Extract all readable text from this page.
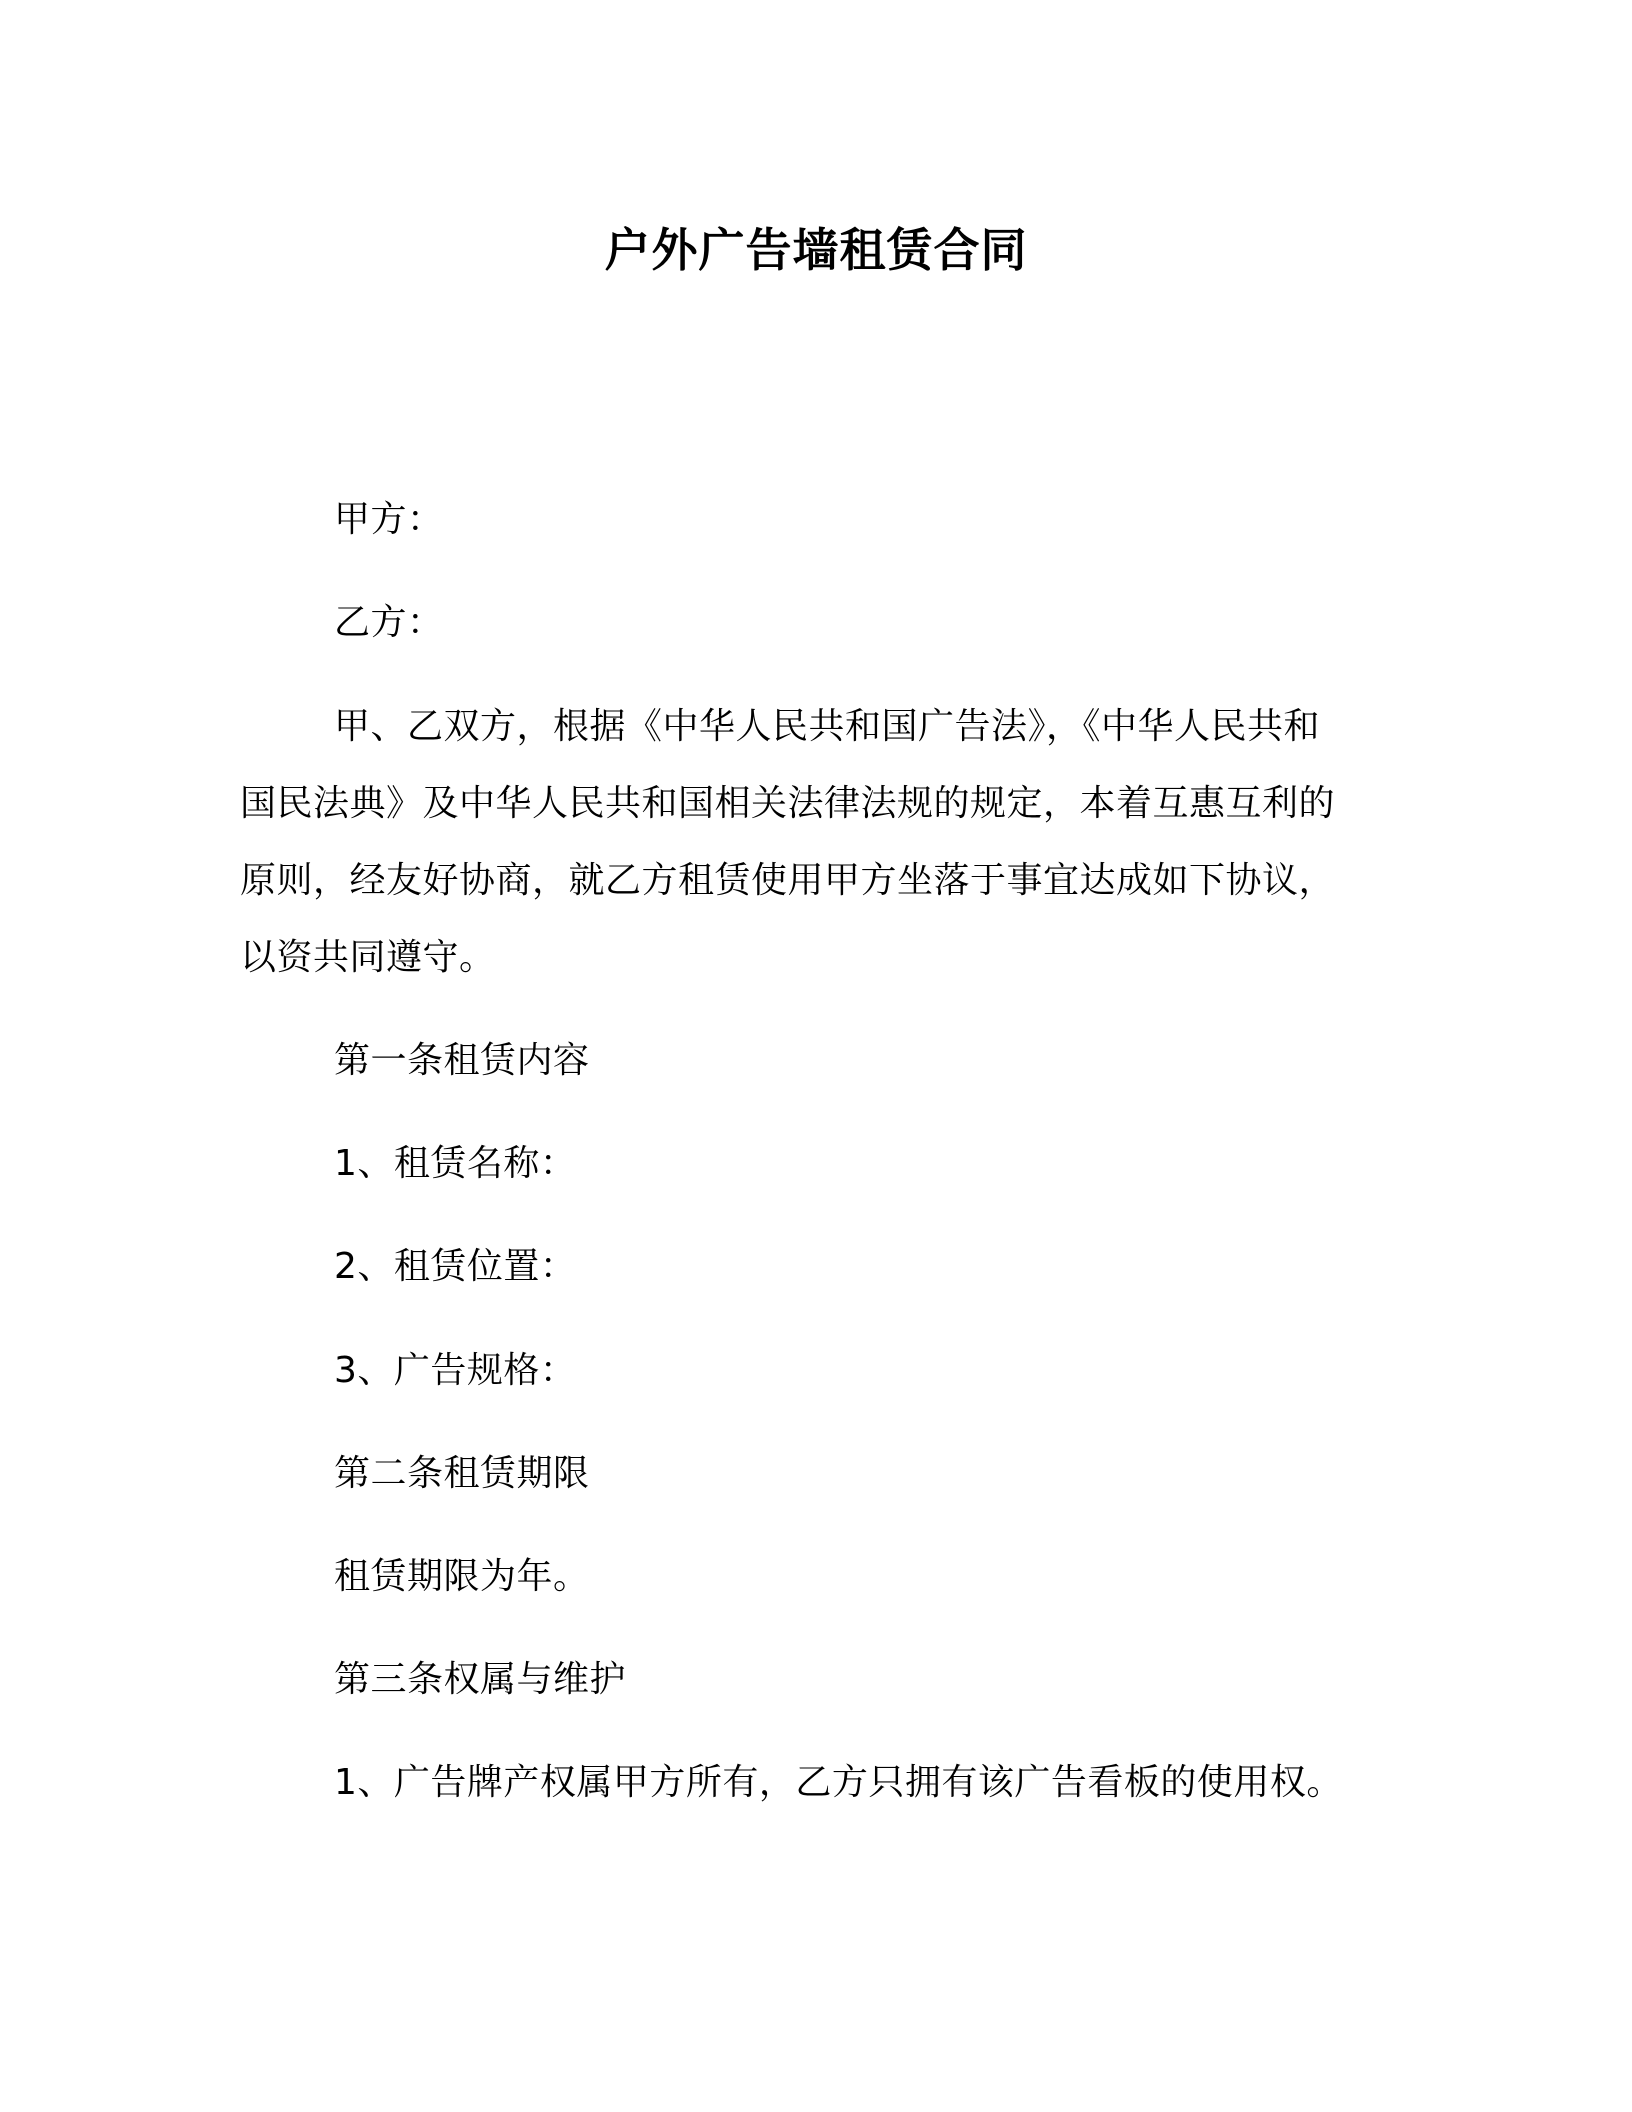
户外广告墙租赁合同
甲方：
乙方：
甲、乙双方，根据《中华人民共和国广告法》，《中华人民共和
国民法典》及中华人民共和国相关法律法规的规定，本着互惠互利的
原则，经友好协商，就乙方租赁使用甲方坐落于事宜达成如下协议，
以资共同遵守。
第一条租赁内容
1、租赁名称：
2、租赁位置：
3、广告规格：
第二条租赁期限
租赁期限为年。
第三条权属与维护
1、广告牌产权属甲方所有，乙方只拥有该广告看板的使用权。
